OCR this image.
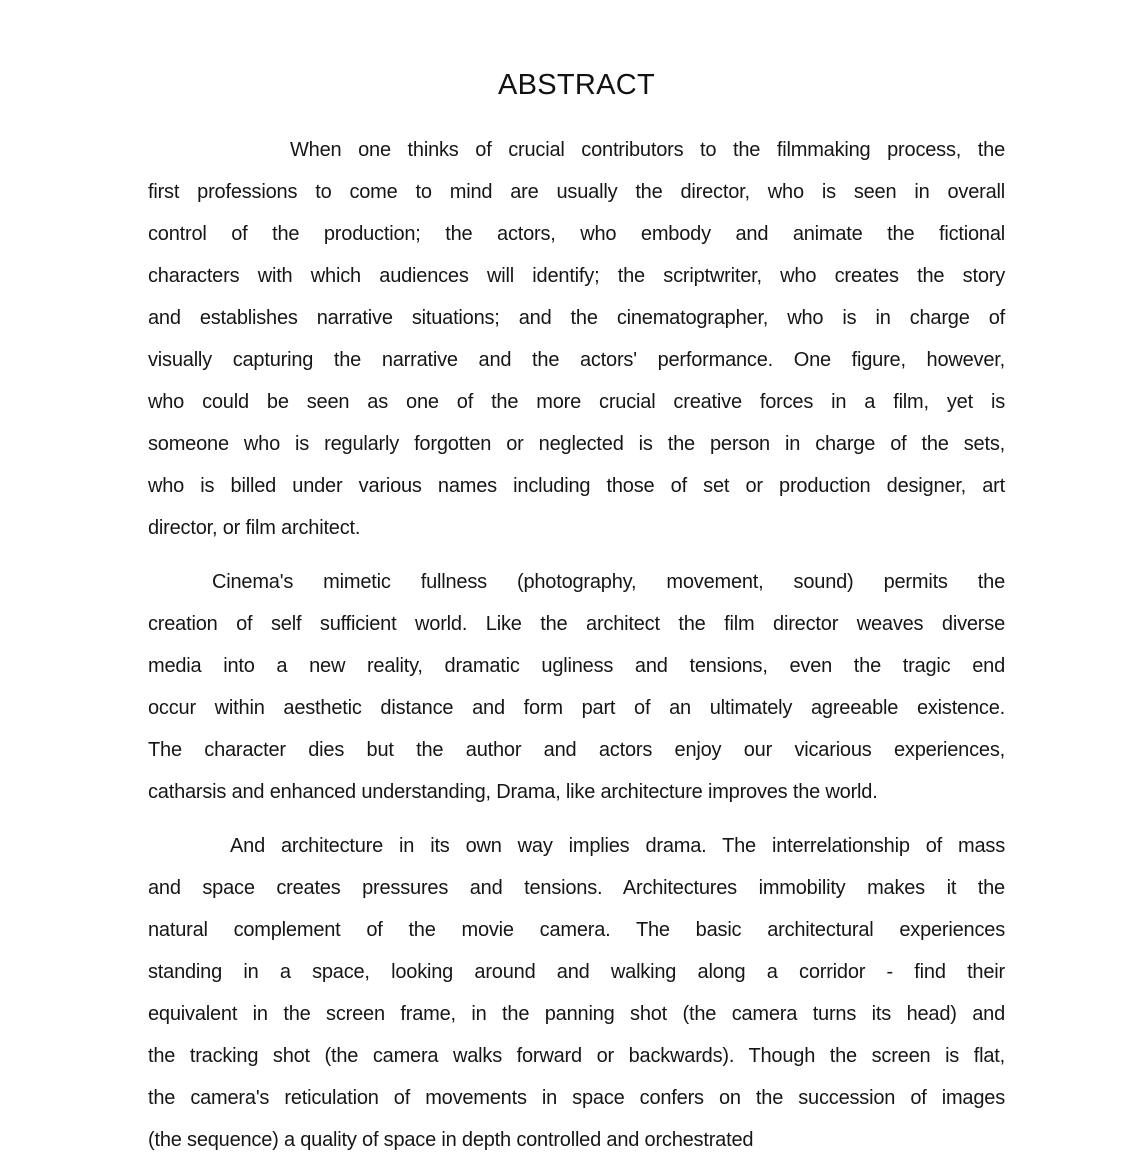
ABSTRACT
When one thinks of crucial contributors to the filmmaking process, the
first professions to come to mind are usually the director, who is seen in overall
control of the production; the actors, who embody and animate the fictional
characters with which audiences will identify; the scriptwriter, who creates the story
and establishes narrative situations; and the cinematographer, who is in charge of
visually capturing the narrative and the actors' performance. One figure, however,
who could be seen as one of the more crucial creative forces in a film, yet is
someone who is regularly forgotten or neglected is the person in charge of the sets,
who is billed under various names including those of set or production designer, art
director, or film architect.
Cinema's mimetic fullness (photography, movement, sound) permits the
creation of self sufficient world. Like the architect the film director weaves diverse
media into a new reality, dramatic ugliness and tensions, even the tragic end
occur within aesthetic distance and form part of an ultimately agreeable existence.
The character dies but the author and actors enjoy our vicarious experiences,
catharsis and enhanced understanding, Drama, like architecture improves the world.
And architecture in its own way implies drama. The interrelationship of mass
and space creates pressures and tensions. Architectures immobility makes it the
natural complement of the movie camera. The basic architectural experiences
standing in a space, looking around and walking along a corridor - find their
equivalent in the screen frame, in the panning shot (the camera turns its head) and
the tracking shot (the camera walks forward or backwards). Though the screen is flat,
the camera's reticulation of movements in space confers on the succession of images
(the sequence) a quality of space in depth controlled and orchestrated
